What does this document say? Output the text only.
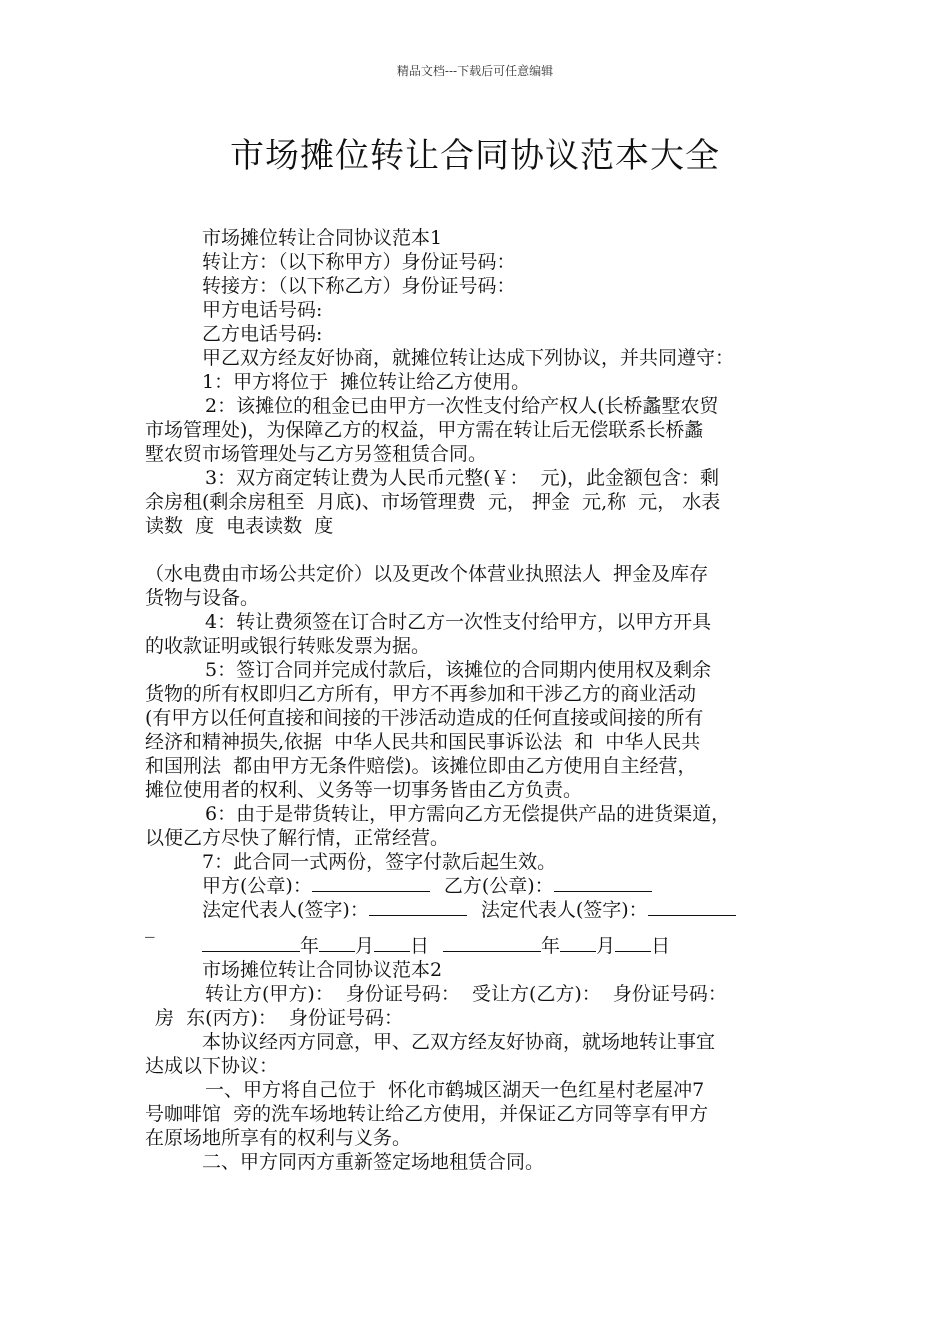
精品文档---下载后可任意编辑
市场摊位转让合同协议范本大全
市场摊位转让合同协议范本1
转让方：（以下称甲方）身份证号码：
转接方：（以下称乙方）身份证号码：
甲方电话号码:
乙方电话号码:
甲乙双方经友好协商，就摊位转让达成下列协议，并共同遵守：
1：甲方将位于  摊位转让给乙方使用。
2：该摊位的租金已由甲方一次性支付给产权人(长桥蠡墅农贸
市场管理处)，为保障乙方的权益，甲方需在转让后无偿联系长桥蠡
墅农贸市场管理处与乙方另签租赁合同。
3：双方商定转让费为人民币元整(￥：  元)，此金额包含：剩
余房租(剩余房租至  月底)、市场管理费  元， 押金  元,称  元， 水表
读数  度  电表读数  度
（水电费由市场公共定价）以及更改个体营业执照法人  押金及库存
货物与设备。
4：转让费须签在订合时乙方一次性支付给甲方，以甲方开具
的收款证明或银行转账发票为据。
5：签订合同并完成付款后，该摊位的合同期内使用权及剩余
货物的所有权即归乙方所有，甲方不再参加和干涉乙方的商业活动
(有甲方以任何直接和间接的干涉活动造成的任何直接或间接的所有
经济和精神损失,依据  中华人民共和国民事诉讼法  和  中华人民共
和国刑法  都由甲方无条件赔偿)。该摊位即由乙方使用自主经营，
摊位使用者的权利、义务等一切事务皆由乙方负责。
6：由于是带货转让，甲方需向乙方无偿提供产品的进货渠道，
以便乙方尽快了解行情，正常经营。
7：此合同一式两份，签字付款后起生效。
甲方(公章)：	乙方(公章)：
法定代表人(签字)：	法定代表人(签字)：
_
年 月 日	年 月 日
市场摊位转让合同协议范本2
转让方(甲方)：  身份证号码：  受让方(乙方)：  身份证号码：
房  东(丙方)：  身份证号码：
本协议经丙方同意，甲、乙双方经友好协商，就场地转让事宜
达成以下协议：
一、甲方将自己位于  怀化市鹤城区湖天一色红星村老屋冲7
号咖啡馆  旁的洗车场地转让给乙方使用，并保证乙方同等享有甲方
在原场地所享有的权利与义务。
二、甲方同丙方重新签定场地租赁合同。
